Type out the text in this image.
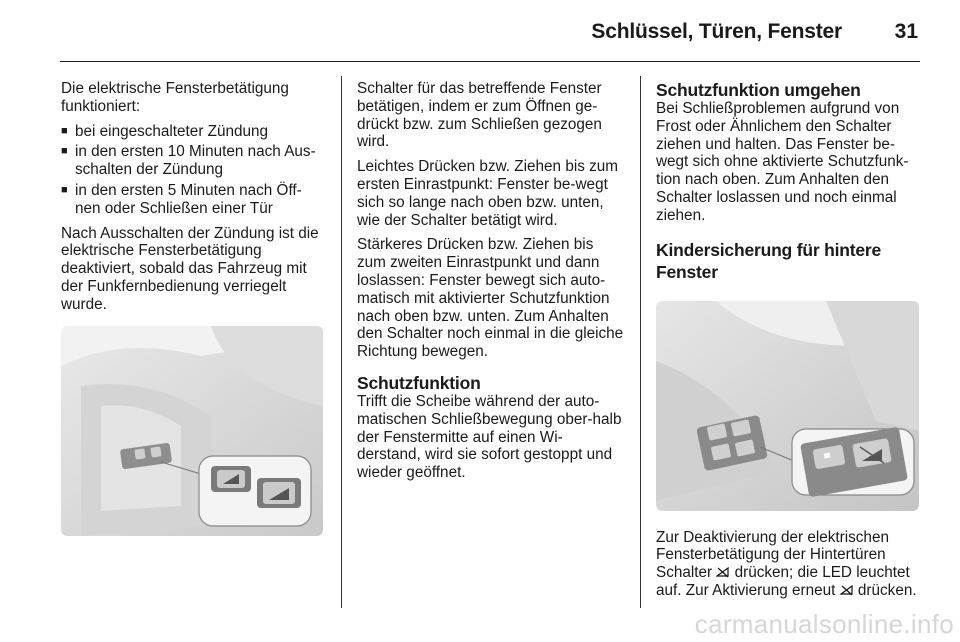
Schlüssel, Türen, Fenster	31

Die elektrische Fensterbetätigung funktioniert:

■ bei eingeschalteter Zündung
■ in den ersten 10 Minuten nach Aus-schalten der Zündung
■ in den ersten 5 Minuten nach Öff-nen oder Schließen einer Tür

Nach Ausschalten der Zündung ist die elektrische Fensterbetätigung deaktiviert, sobald das Fahrzeug mit der Funkfernbedienung verriegelt wurde.

Schalter für das betreffende Fenster betätigen, indem er zum Öffnen ge-drückt bzw. zum Schließen gezogen wird.

Leichtes Drücken bzw. Ziehen bis zum ersten Einrastpunkt: Fenster be-wegt sich so lange nach oben bzw. unten, wie der Schalter betätigt wird.

Stärkeres Drücken bzw. Ziehen bis zum zweiten Einrastpunkt und dann loslassen: Fenster bewegt sich auto-matisch mit aktivierter Schutzfunktion nach oben bzw. unten. Zum Anhalten den Schalter noch einmal in die gleiche Richtung bewegen.

Schutzfunktion

Trifft die Scheibe während der auto-matischen Schließbewegung ober-halb der Fenstermitte auf einen Wi-derstand, wird sie sofort gestoppt und wieder geöffnet.

Schutzfunktion umgehen

Bei Schließproblemen aufgrund von Frost oder Ähnlichem den Schalter ziehen und halten. Das Fenster be-wegt sich ohne aktivierte Schutzfunk-tion nach oben. Zum Anhalten den Schalter loslassen und noch einmal ziehen.

Kindersicherung für hintere Fenster

Zur Deaktivierung der elektrischen Fensterbetätigung der Hintertüren Schalter drücken; die LED leuchtet auf. Zur Aktivierung erneut drücken.

carmanualsonline.info
